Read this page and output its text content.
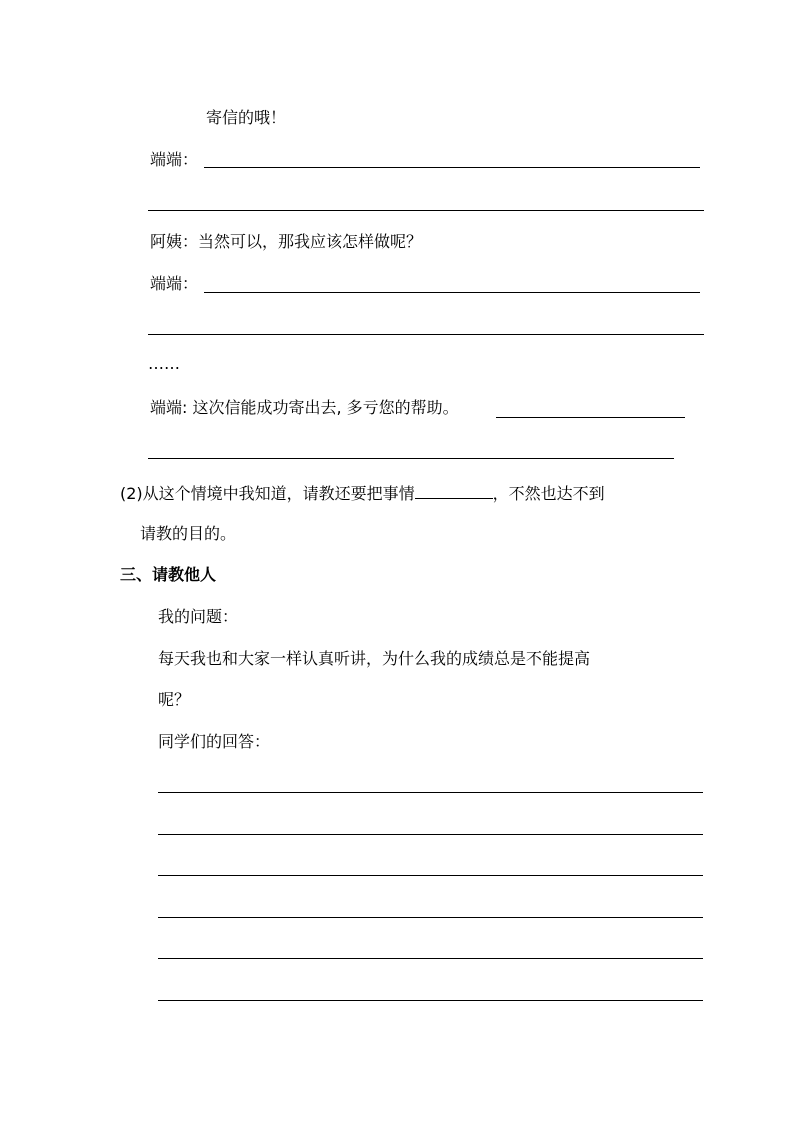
寄信的哦！
端端：
阿姨：当然可以，那我应该怎样做呢？
端端：
……
端端: 这次信能成功寄出去, 多亏您的帮助。
(2)从这个情境中我知道，请教还要把事情	，不然也达不到
请教的目的。
三、请教他人
我的问题：
每天我也和大家一样认真听讲，为什么我的成绩总是不能提高
呢？
同学们的回答：
